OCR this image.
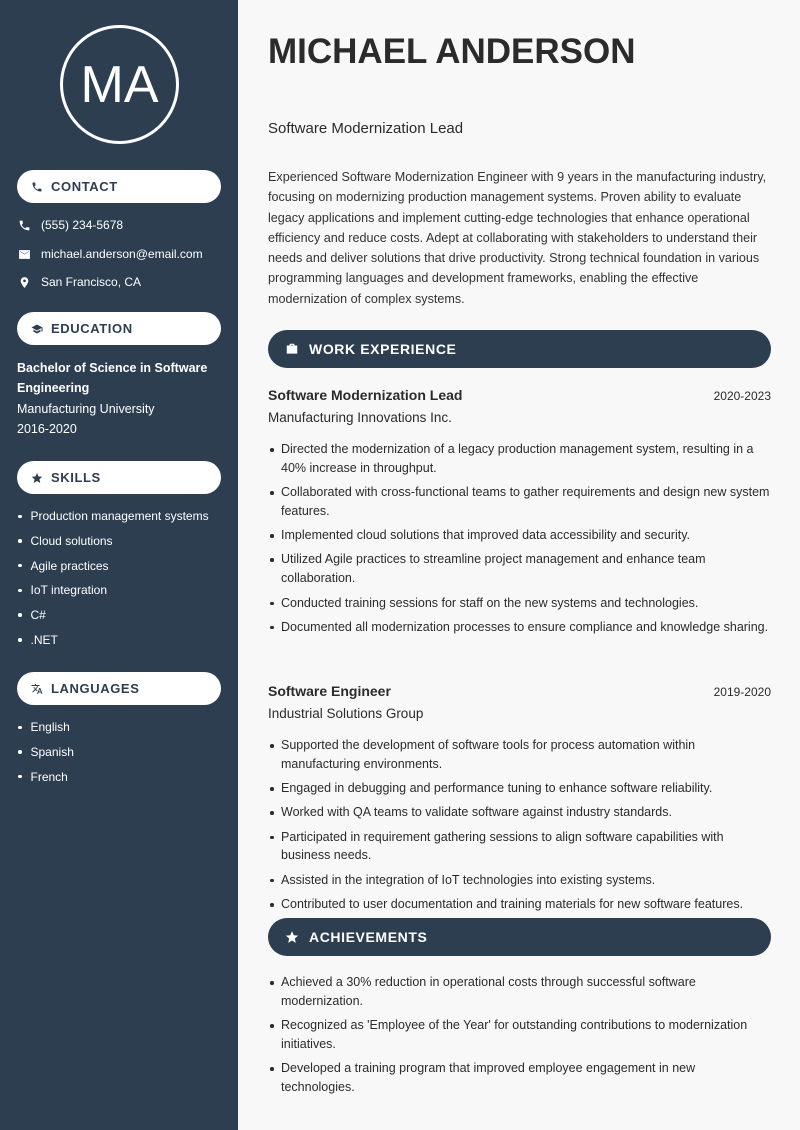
MA
CONTACT
(555) 234-5678
michael.anderson@email.com
San Francisco, CA
EDUCATION
Bachelor of Science in Software Engineering
Manufacturing University
2016-2020
SKILLS
Production management systems
Cloud solutions
Agile practices
IoT integration
C#
.NET
LANGUAGES
English
Spanish
French
MICHAEL ANDERSON
Software Modernization Lead

Experienced Software Modernization Engineer with 9 years in the manufacturing industry, focusing on modernizing production management systems. Proven ability to evaluate legacy applications and implement cutting-edge technologies that enhance operational efficiency and reduce costs. Adept at collaborating with stakeholders to understand their needs and deliver solutions that drive productivity. Strong technical foundation in various programming languages and development frameworks, enabling the effective modernization of complex systems.

WORK EXPERIENCE
Software Modernization Lead	2020-2023
Manufacturing Innovations Inc.
Directed the modernization of a legacy production management system, resulting in a 40% increase in throughput.
Collaborated with cross-functional teams to gather requirements and design new system features.
Implemented cloud solutions that improved data accessibility and security.
Utilized Agile practices to streamline project management and enhance team collaboration.
Conducted training sessions for staff on the new systems and technologies.
Documented all modernization processes to ensure compliance and knowledge sharing.
Software Engineer	2019-2020
Industrial Solutions Group
Supported the development of software tools for process automation within manufacturing environments.
Engaged in debugging and performance tuning to enhance software reliability.
Worked with QA teams to validate software against industry standards.
Participated in requirement gathering sessions to align software capabilities with business needs.
Assisted in the integration of IoT technologies into existing systems.
Contributed to user documentation and training materials for new software features.
ACHIEVEMENTS
Achieved a 30% reduction in operational costs through successful software modernization.
Recognized as 'Employee of the Year' for outstanding contributions to modernization initiatives.
Developed a training program that improved employee engagement in new technologies.
